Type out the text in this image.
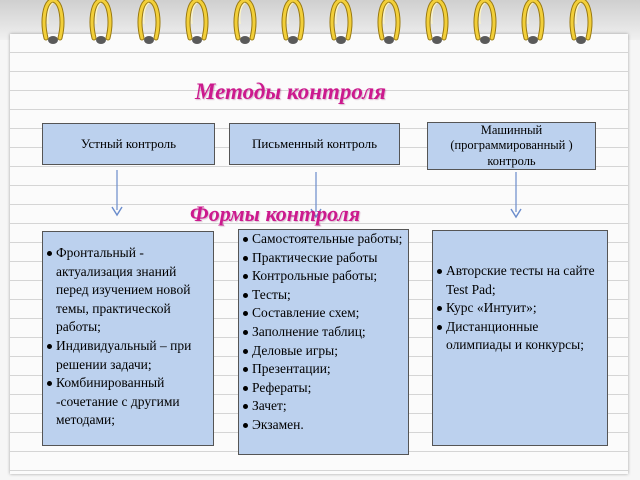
Методы контроля
Устный контроль	Письменный контроль
Машинный (программированный ) контроль
Формы контроля
Фронтальный - актуализация знаний перед изучением новой темы, практической работы;
Индивидуальный – при решении задачи;
Комбинированный -сочетание с другими методами;
Самостоятельные работы;
Практические работы
Контрольные работы;
Тесты;
Составление схем;
Заполнение таблиц;
Деловые игры;
Презентации;
Рефераты;
Зачет;
Экзамен.
Авторские тесты на сайте Test Pad;
Курс «Интуит»;
Дистанционные олимпиады и конкурсы;
